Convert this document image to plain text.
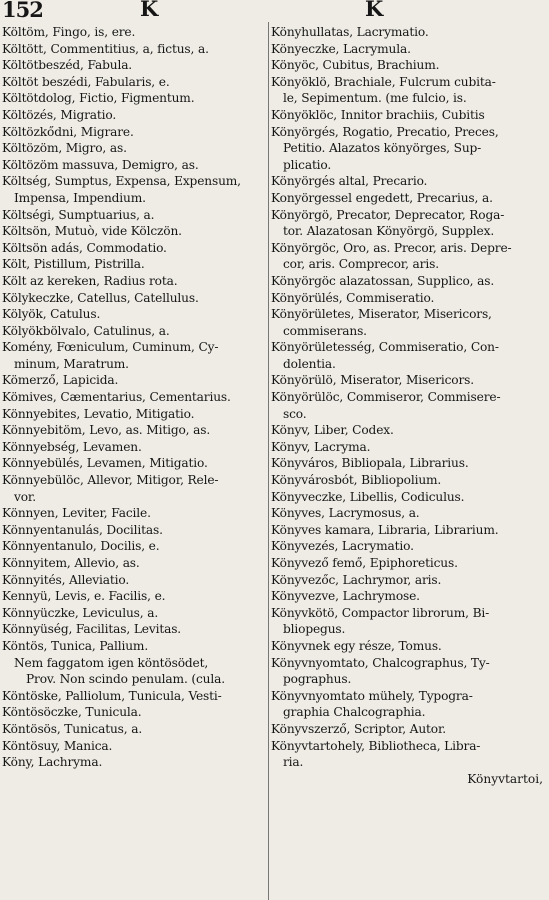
152	K	K
Költöm, Fingo, is, ere.
Költött, Commentitius, a, fictus, a.
Költötbeszéd, Fabula.
Költöt beszédi, Fabularis, e.
Költötdolog, Fictio, Figmentum.
Költözés, Migratio.
Költözkődni, Migrare.
Költözöm, Migro, as.
Költözöm massuva, Demigro, as.
Költség, Sumptus, Expensa, Expensum,
Impensa, Impendium.
Költségi, Sumptuarius, a.
Költsön, Mutuò, vide Kölczön.
Költsön adás, Commodatio.
Költ, Pistillum, Pistrilla.
Költ az kereken, Radius rota.
Kölykeczke, Catellus, Catellulus.
Kölyök, Catulus.
Kölyökbölvalo, Catulinus, a.
Komény, Fœniculum, Cuminum, Cy-
minum, Maratrum.
Kömerző, Lapicida.
Kömives, Cæmentarius, Cementarius.
Könnyebites, Levatio, Mitigatio.
Könnyebitöm, Levo, as. Mitigo, as.
Könnyebség, Levamen.
Könnyebülés, Levamen, Mitigatio.
Könnyebülöc, Allevor, Mitigor, Rele-
vor.
Könnyen, Leviter, Facile.
Könnyentanulás, Docilitas.
Könnyentanulo, Docilis, e.
Könnyitem, Allevio, as.
Könnyités, Alleviatio.
Kennyü, Levis, e. Facilis, e.
Könnyüczke, Leviculus, a.
Könnyüség, Facilitas, Levitas.
Köntös, Tunica, Pallium.
Nem faggatom igen köntösödet,
Prov. Non scindo penulam. (cula.
Köntöske, Palliolum, Tunicula, Vesti-
Köntösöczke, Tunicula.
Köntösös, Tunicatus, a.
Köntösuy, Manica.
Köny, Lachryma.
Könyhullatas, Lacrymatio.
Könyeczke, Lacrymula.
Könyöc, Cubitus, Brachium.
Könyöklö, Brachiale, Fulcrum cubita-
le, Sepimentum. (me fulcio, is.
Könyöklöc, Innitor brachiis, Cubitis
Könyörgés, Rogatio, Precatio, Preces,
Petitio. Alazatos könyörges, Sup-
plicatio.
Könyörgés altal, Precario.
Konyörgessel engedett, Precarius, a.
Könyörgö, Precator, Deprecator, Roga-
tor. Alazatosan Könyörgö, Supplex.
Könyörgöc, Oro, as. Precor, aris. Depre-
cor, aris. Comprecor, aris.
Könyörgöc alazatossan, Supplico, as.
Könyörülés, Commiseratio.
Könyörületes, Miserator, Misericors,
commiserans.
Könyörületesség, Commiseratio, Con-
dolentia.
Könyörülö, Miserator, Misericors.
Könyörülöc, Commiseror, Commisere-
sco.
Könyv, Liber, Codex.
Könyv, Lacryma.
Könyváros, Bibliopala, Librarius.
Könyvárosbót, Bibliopolium.
Könyveczke, Libellis, Codiculus.
Könyves, Lacrymosus, a.
Könyves kamara, Libraria, Librarium.
Könyvezés, Lacrymatio.
Könyvező femő, Epiphoreticus.
Könyvezőc, Lachrymor, aris.
Könyvezve, Lachrymose.
Könyvkötö, Compactor librorum, Bi-
bliopegus.
Könyvnek egy része, Tomus.
Könyvnyomtato, Chalcographus, Ty-
pographus.
Könyvnyomtato mühely, Typogra-
graphia Chalcographia.
Könyvszerző, Scriptor, Autor.
Könyvtartohely, Bibliotheca, Libra-
ria.
Könyvtartoi,
